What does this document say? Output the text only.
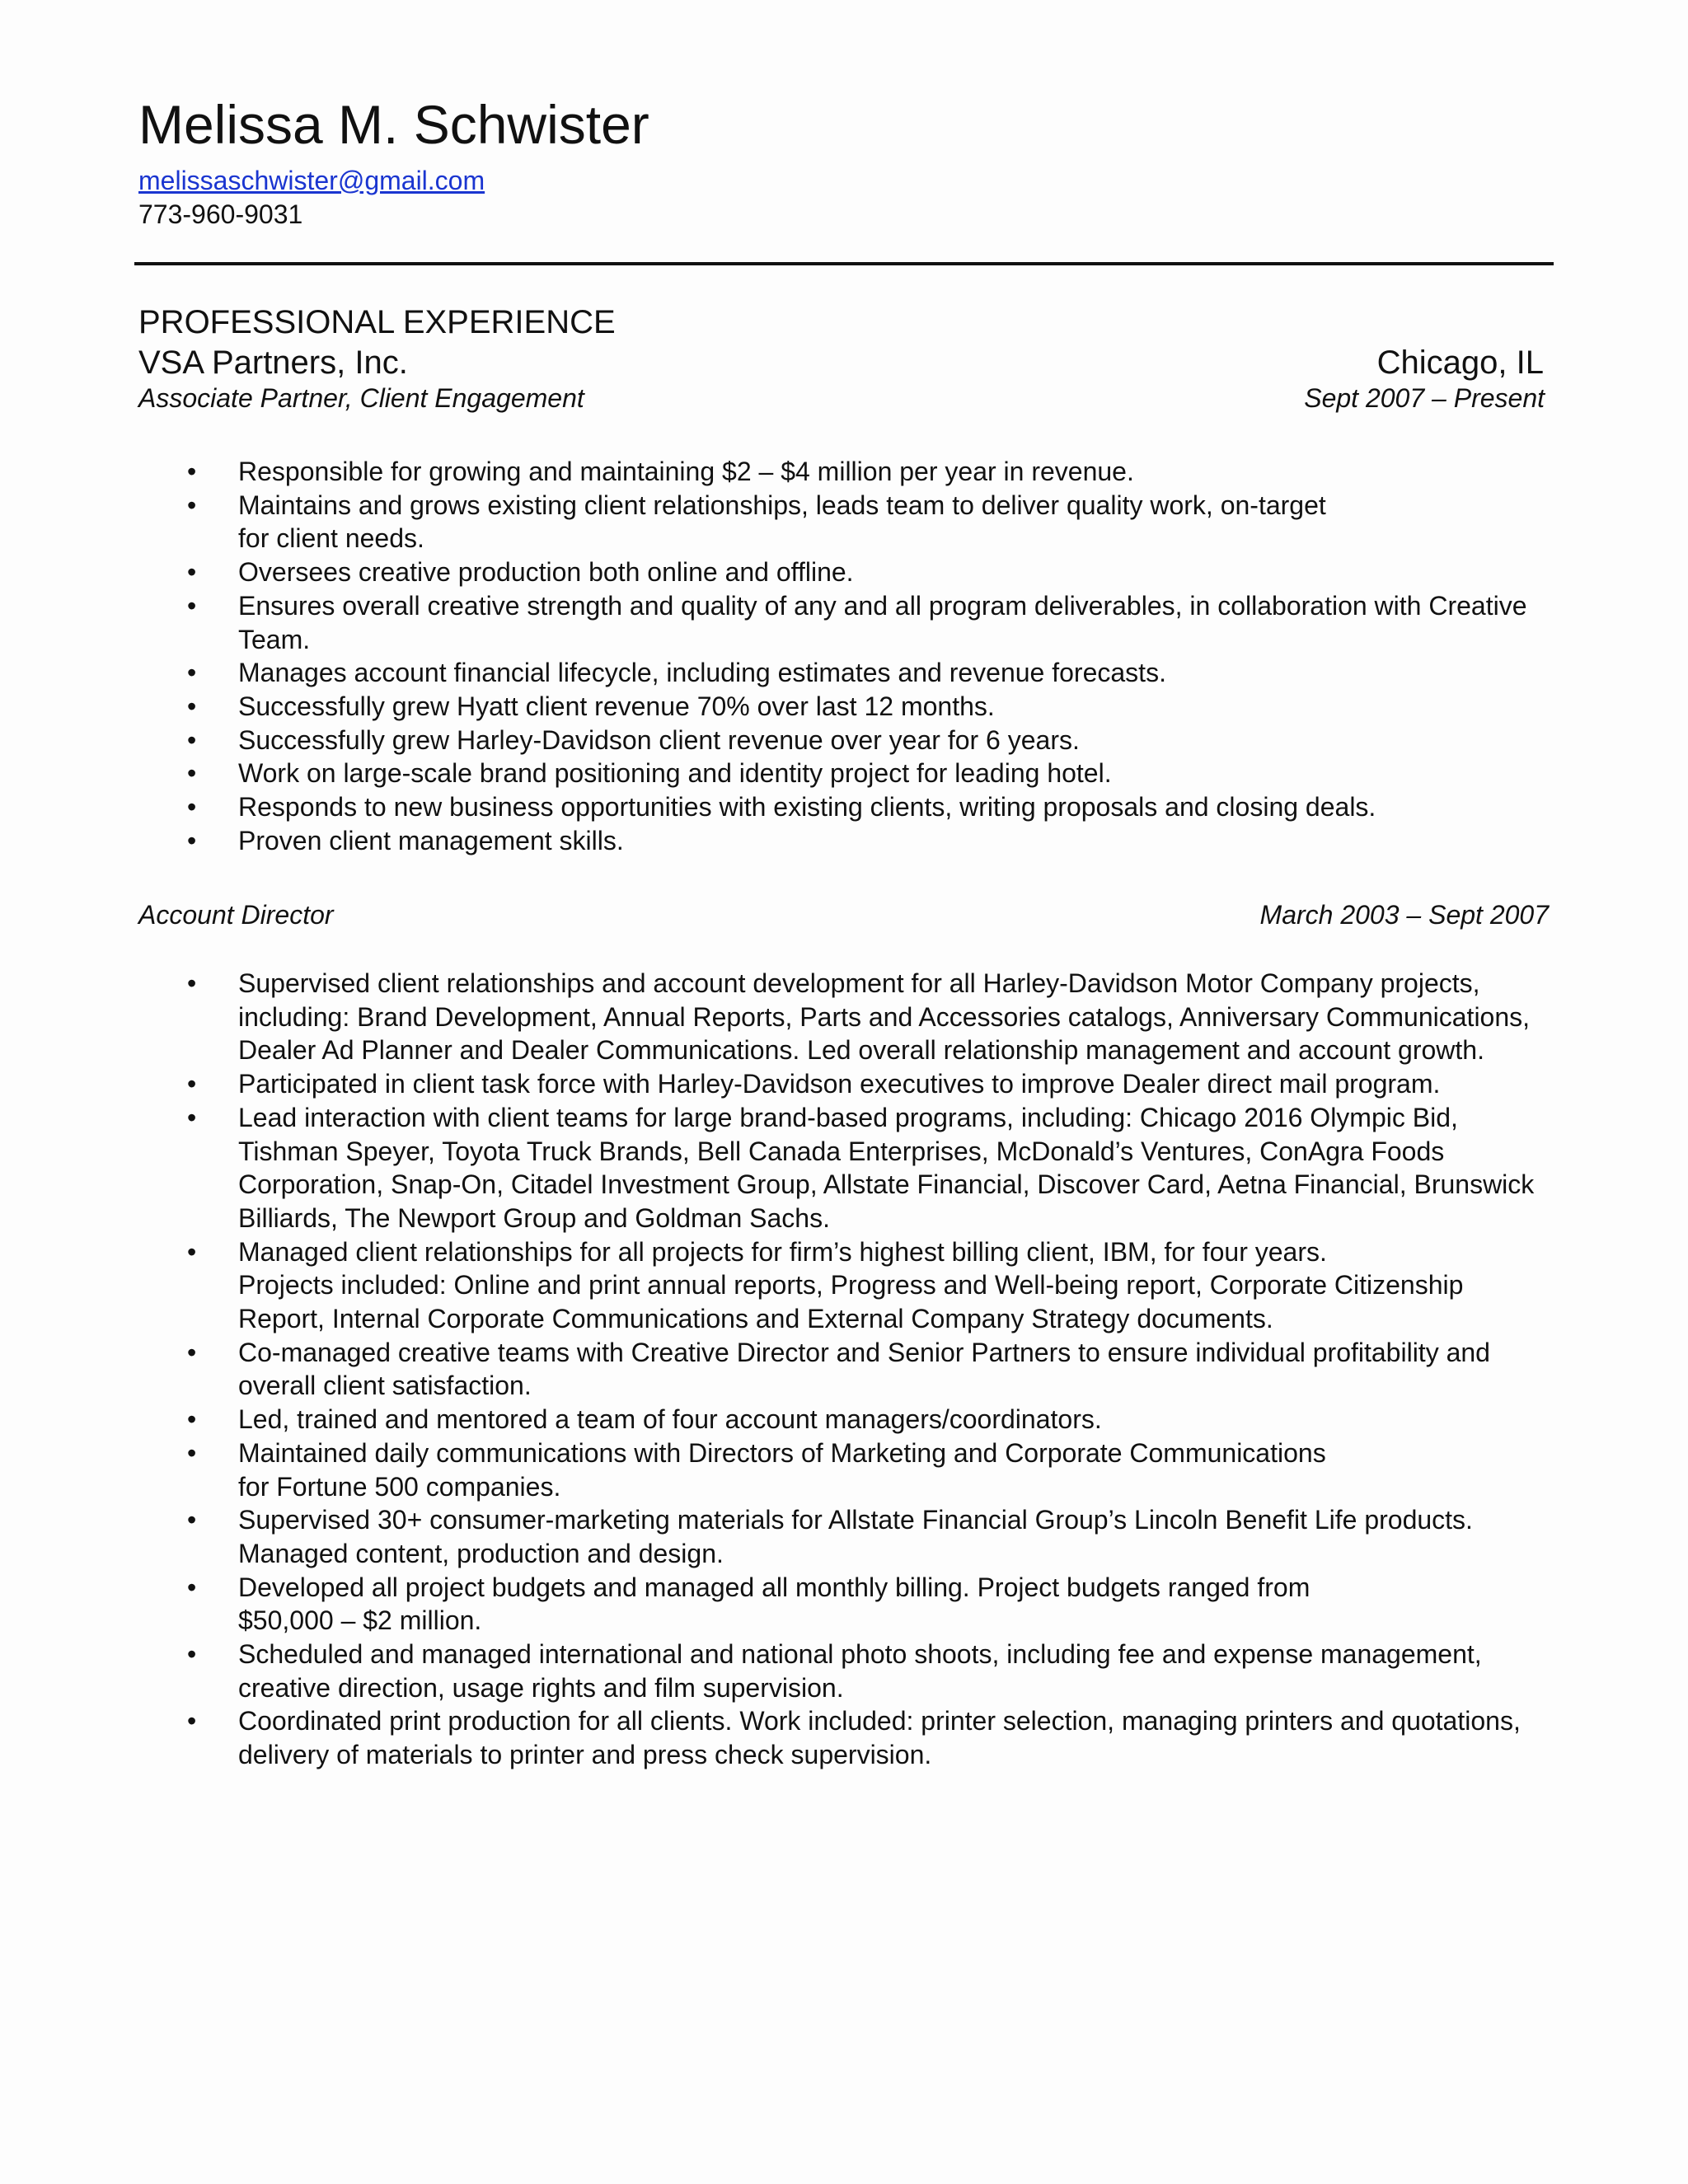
Melissa M. Schwister
melissaschwister@gmail.com
773-960-9031
PROFESSIONAL EXPERIENCE
VSA Partners, Inc.	Chicago, IL
Associate Partner, Client Engagement	Sept 2007 – Present
• Responsible for growing and maintaining $2 – $4 million per year in revenue.
• Maintains and grows existing client relationships, leads team to deliver quality work, on-target
for client needs.
• Oversees creative production both online and offline.
• Ensures overall creative strength and quality of any and all program deliverables, in collaboration with Creative Team.
• Manages account financial lifecycle, including estimates and revenue forecasts.
• Successfully grew Hyatt client revenue 70% over last 12 months.
• Successfully grew Harley-Davidson client revenue over year for 6 years.
• Work on large-scale brand positioning and identity project for leading hotel.
• Responds to new business opportunities with existing clients, writing proposals and closing deals.
• Proven client management skills.
Account Director	March 2003 – Sept 2007
• Supervised client relationships and account development for all Harley-Davidson Motor Company projects, including: Brand Development, Annual Reports, Parts and Accessories catalogs, Anniversary Communications, Dealer Ad Planner and Dealer Communications. Led overall relationship management and account growth.
• Participated in client task force with Harley-Davidson executives to improve Dealer direct mail program.
• Lead interaction with client teams for large brand-based programs, including: Chicago 2016 Olympic Bid, Tishman Speyer, Toyota Truck Brands, Bell Canada Enterprises, McDonald’s Ventures, ConAgra Foods Corporation, Snap-On, Citadel Investment Group, Allstate Financial, Discover Card, Aetna Financial, Brunswick Billiards, The Newport Group and Goldman Sachs.
• Managed client relationships for all projects for firm’s highest billing client, IBM, for four years.
Projects included: Online and print annual reports, Progress and Well-being report, Corporate Citizenship Report, Internal Corporate Communications and External Company Strategy documents.
• Co-managed creative teams with Creative Director and Senior Partners to ensure individual profitability and overall client satisfaction.
• Led, trained and mentored a team of four account managers/coordinators.
• Maintained daily communications with Directors of Marketing and Corporate Communications
for Fortune 500 companies.
• Supervised 30+ consumer-marketing materials for Allstate Financial Group’s Lincoln Benefit Life products. Managed content, production and design.
• Developed all project budgets and managed all monthly billing. Project budgets ranged from
$50,000 – $2 million.
• Scheduled and managed international and national photo shoots, including fee and expense management, creative direction, usage rights and film supervision.
• Coordinated print production for all clients. Work included: printer selection, managing printers and quotations, delivery of materials to printer and press check supervision.
